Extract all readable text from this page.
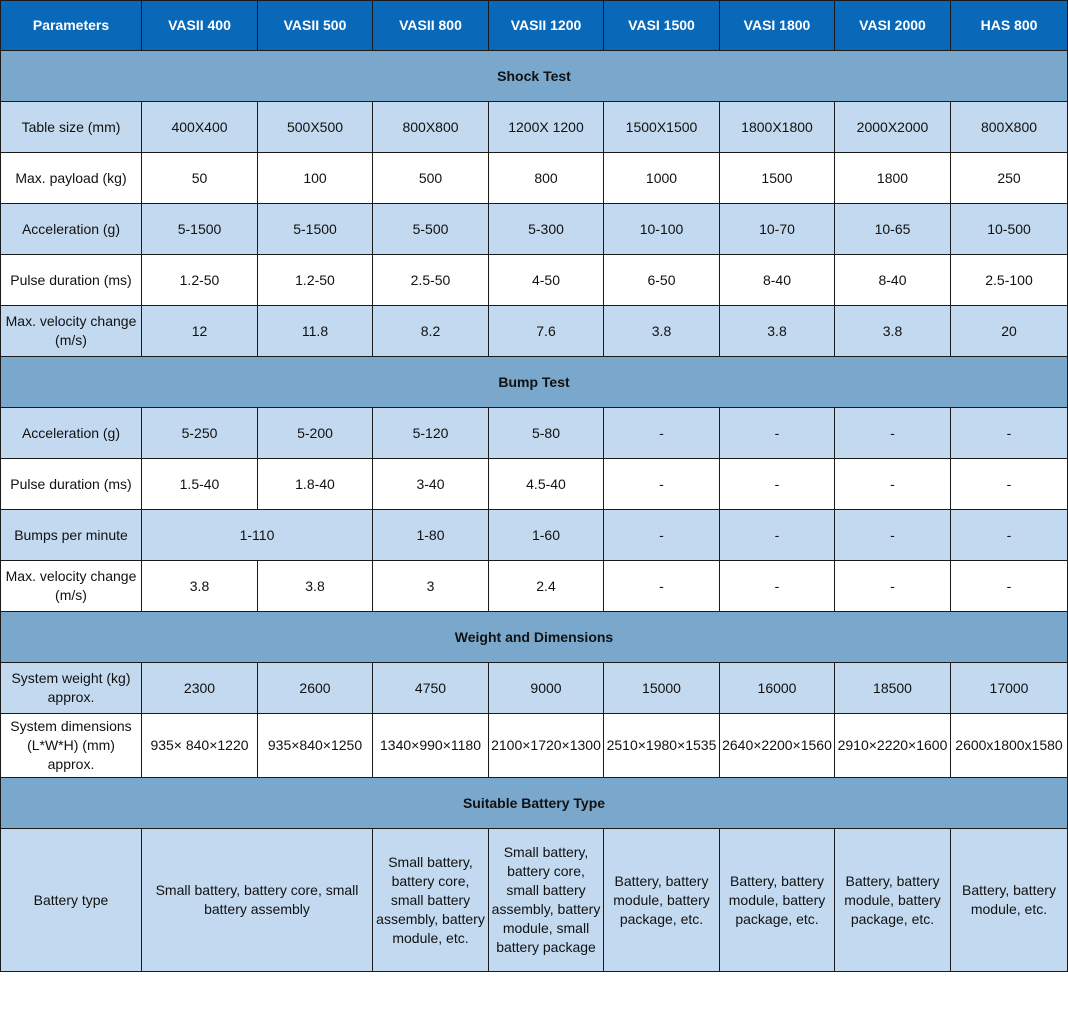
Parameters	VASII 400	VASII 500	VASII 800	VASII 1200	VASI 1500	VASI 1800	VASI 2000	HAS 800
Shock Test								
Table size (mm)	400X400	500X500	800X800	1200X 1200	1500X1500	1800X1800	2000X2000	800X800
Max. payload (kg)	50	100	500	800	1000	1500	1800	250
Acceleration (g)	5-1500	5-1500	5-500	5-300	10-100	10-70	10-65	10-500
Pulse duration (ms)	1.2-50	1.2-50	2.5-50	4-50	6-50	8-40	8-40	2.5-100
Max. velocity change (m/s)	12	11.8	8.2	7.6	3.8	3.8	3.8	20
Bump Test								
Acceleration (g)	5-250	5-200	5-120	5-80	-	-	-	-
Pulse duration (ms)	1.5-40	1.8-40	3-40	4.5-40	-	-	-	-
Bumps per minute	1-110		1-80	1-60	-	-	-	-
Max. velocity change (m/s)	3.8	3.8	3	2.4	-	-	-	-
Weight and Dimensions								
System weight (kg) approx.	2300	2600	4750	9000	15000	16000	18500	17000
System dimensions (L*W*H) (mm) approx.	935× 840×1220	935×840×1250	1340×990×1180	2100×1720×1300	2510×1980×1535	2640×2200×1560	2910×2220×1600	2600x1800x1580
Suitable Battery Type								
Battery type	Small battery, battery core, small battery assembly		Small battery, battery core, small battery assembly, battery module, etc.	Small battery, battery core, small battery assembly, battery module, small battery package	Battery, battery module, battery package, etc.	Battery, battery module, battery package, etc.	Battery, battery module, battery package, etc.	Battery, battery module, etc.
